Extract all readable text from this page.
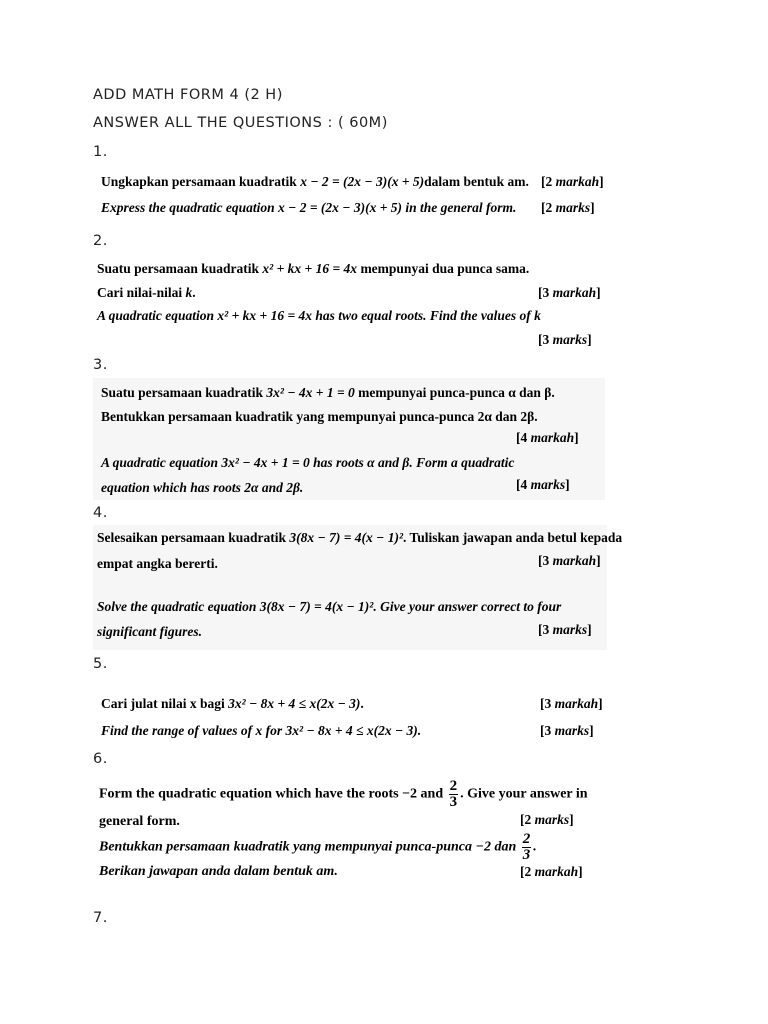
ADD MATH FORM 4 (2 H)
ANSWER ALL THE QUESTIONS : ( 60M)
1.
Ungkapkan persamaan kuadratik x − 2 = (2x − 3)(x + 5)dalam bentuk am. [2 markah]
Express the quadratic equation x − 2 = (2x − 3)(x + 5) in the general form. [2 marks]
2.
Suatu persamaan kuadratik x² + kx + 16 = 4x mempunyai dua punca sama.
Cari nilai-nilai k.	[3 markah]
A quadratic equation x² + kx + 16 = 4x has two equal roots. Find the values of k
[3 marks]
3.
Suatu persamaan kuadratik 3x² − 4x + 1 = 0 mempunyai punca-punca α dan β.
Bentukkan persamaan kuadratik yang mempunyai punca-punca 2α dan 2β.
[4 markah]
A quadratic equation 3x² − 4x + 1 = 0 has roots α and β. Form a quadratic
equation which has roots 2α and 2β.	[4 marks]
4.
Selesaikan persamaan kuadratik 3(8x − 7) = 4(x − 1)². Tuliskan jawapan anda betul kepada
empat angka bererti.	[3 markah]
Solve the quadratic equation 3(8x − 7) = 4(x − 1)². Give your answer correct to four
significant figures.	[3 marks]
5.
Cari julat nilai x bagi 3x² − 8x + 4 ≤ x(2x − 3).	[3 markah]
Find the range of values of x for 3x² − 8x + 4 ≤ x(2x − 3).	[3 marks]
6.
Form the quadratic equation which have the roots −2 and $\frac{2}{3}$ . Give your answer in
general form.	[2 marks]
Bentukkan persamaan kuadratik yang mempunyai punca-punca −2 dan $\frac{2}{3}$ .
Berikan jawapan anda dalam bentuk am.	[2 markah]
7.
